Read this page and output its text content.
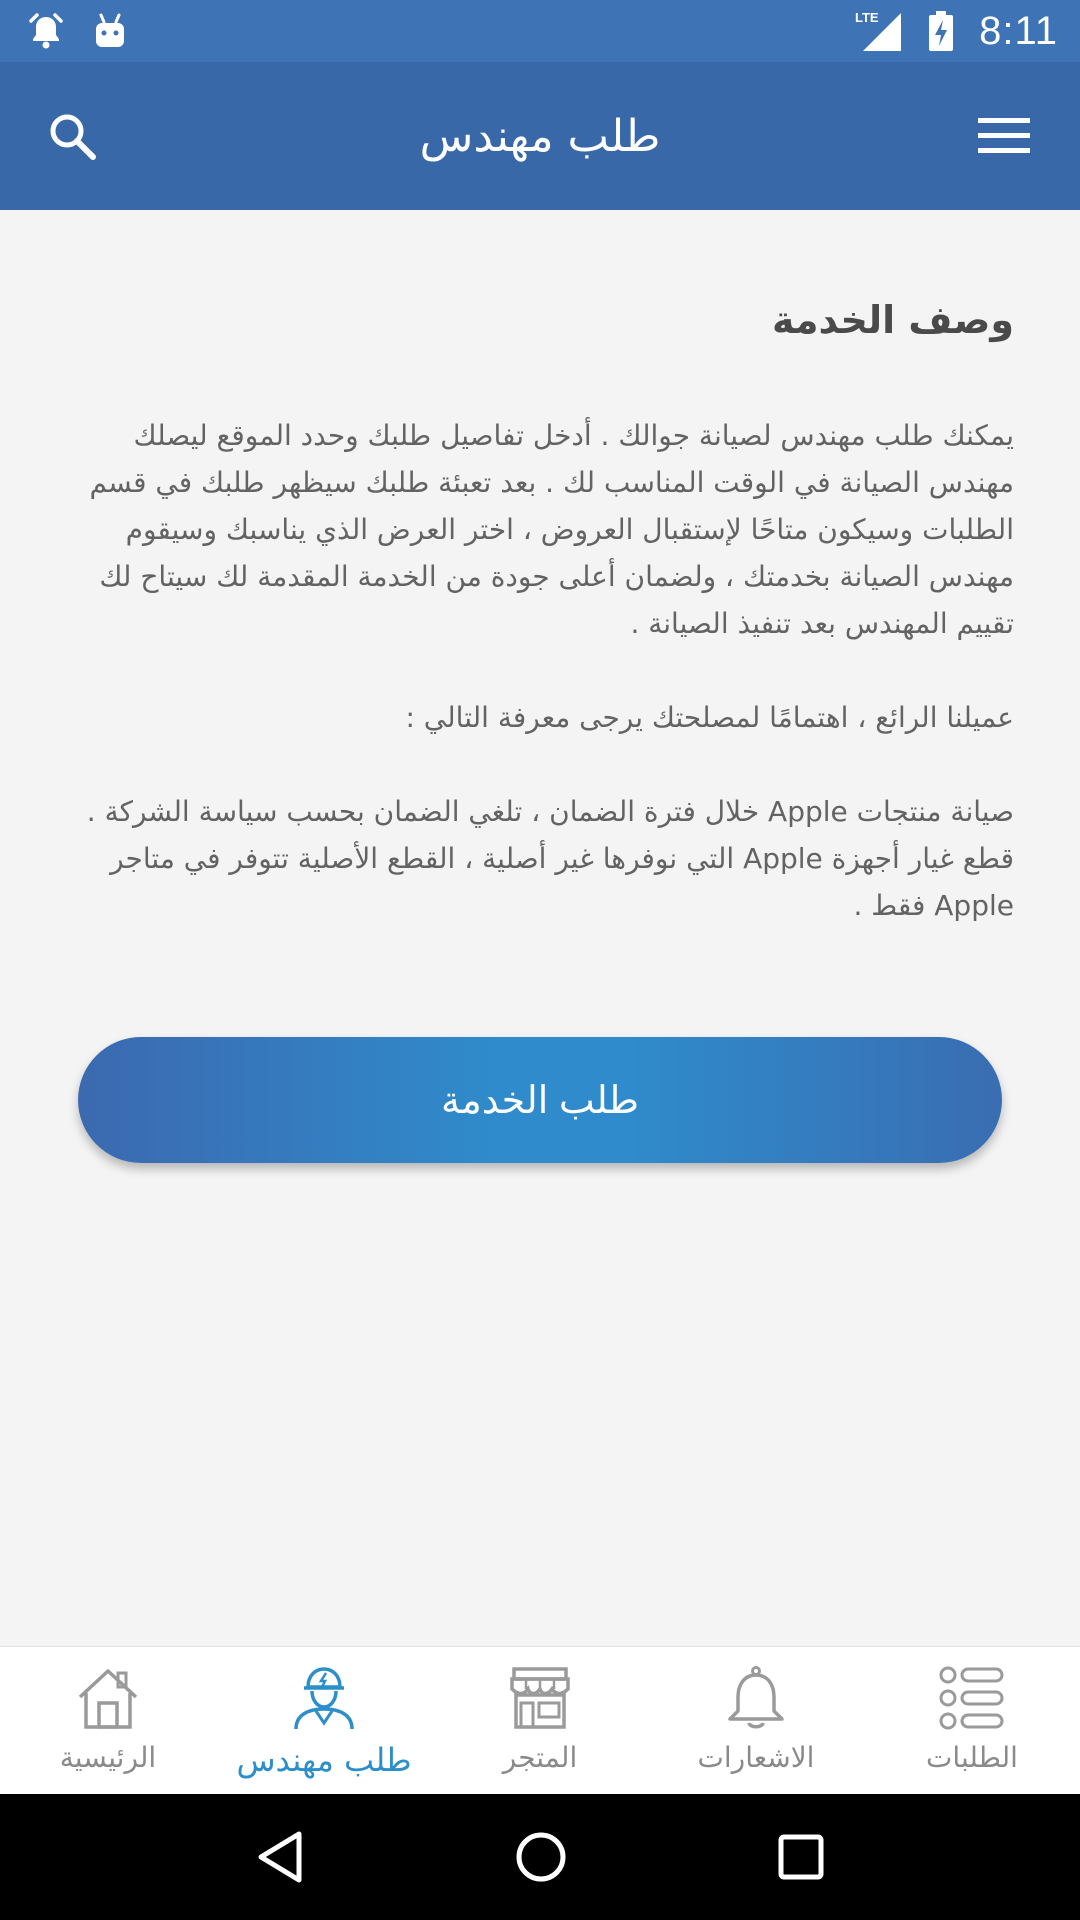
LTE	8:11
طلب مهندس
وصف الخدمة

يمكنك طلب مهندس لصيانة جوالك . أدخل تفاصيل طلبك وحدد الموقع ليصلك مهندس الصيانة في الوقت المناسب لك . بعد تعبئة طلبك سيظهر طلبك في قسم الطلبات وسيكون متاحًا لإستقبال العروض ، اختر العرض الذي يناسبك وسيقوم مهندس الصيانة بخدمتك ، ولضمان أعلى جودة من الخدمة المقدمة لك سيتاح لك تقييم المهندس بعد تنفيذ الصيانة .

عميلنا الرائع ، اهتمامًا لمصلحتك يرجى معرفة التالي :

صيانة منتجات Apple خلال فترة الضمان ، تلغي الضمان بحسب سياسة الشركة . قطع غيار أجهزة Apple التي نوفرها غير أصلية ، القطع الأصلية تتوفر في متاجر Apple فقط .

طلب الخدمة
الرئيسية	طلب مهندس	المتجر	الاشعارات	الطلبات
